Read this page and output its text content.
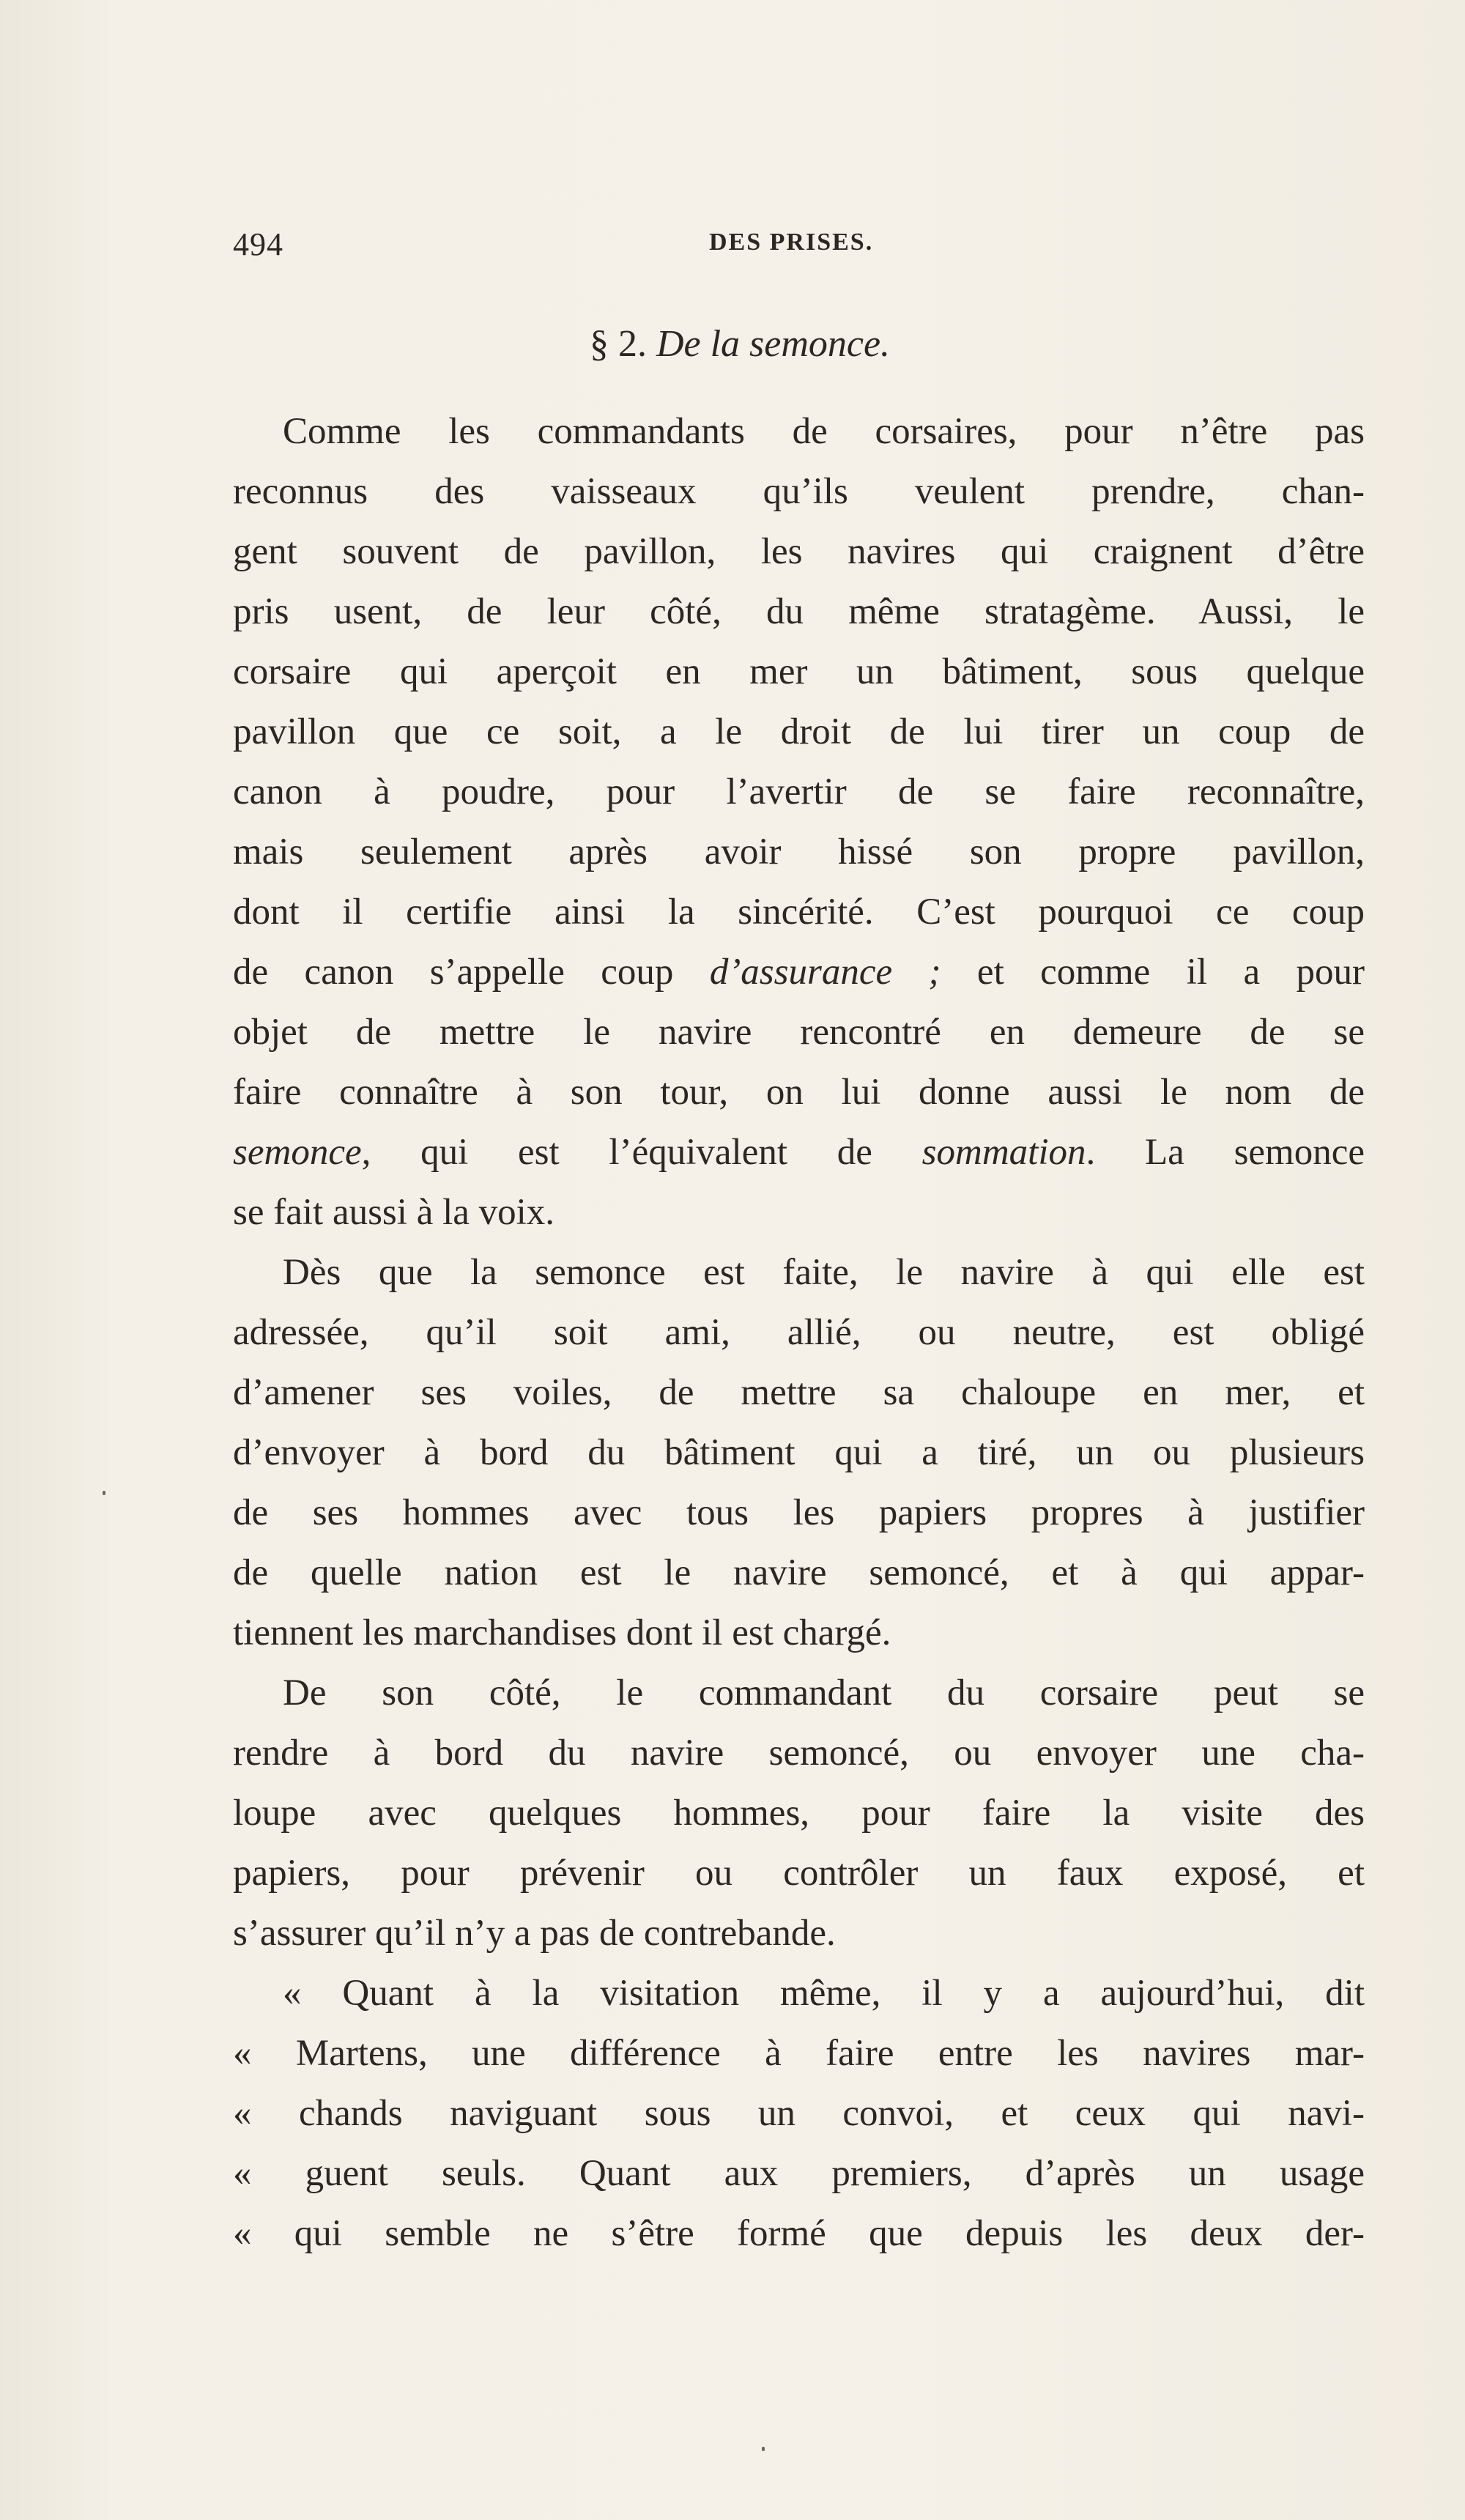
494	DES PRISES.
§ 2. De la semonce.
Comme les commandants de corsaires, pour n’être pas
reconnus des vaisseaux qu’ils veulent prendre, chan-
gent souvent de pavillon, les navires qui craignent d’être
pris usent, de leur côté, du même stratagème. Aussi, le
corsaire qui aperçoit en mer un bâtiment, sous quelque
pavillon que ce soit, a le droit de lui tirer un coup de
canon à poudre, pour l’avertir de se faire reconnaître,
mais seulement après avoir hissé son propre pavillon,
dont il certifie ainsi la sincérité. C’est pourquoi ce coup
de canon s’appelle coup d’assurance ; et comme il a pour
objet de mettre le navire rencontré en demeure de se
faire connaître à son tour, on lui donne aussi le nom de
semonce, qui est l’équivalent de sommation. La semonce
se fait aussi à la voix.
Dès que la semonce est faite, le navire à qui elle est
adressée, qu’il soit ami, allié, ou neutre, est obligé
d’amener ses voiles, de mettre sa chaloupe en mer, et
d’envoyer à bord du bâtiment qui a tiré, un ou plusieurs
de ses hommes avec tous les papiers propres à justifier
de quelle nation est le navire semoncé, et à qui appar-
tiennent les marchandises dont il est chargé.
De son côté, le commandant du corsaire peut se
rendre à bord du navire semoncé, ou envoyer une cha-
loupe avec quelques hommes, pour faire la visite des
papiers, pour prévenir ou contrôler un faux exposé, et
s’assurer qu’il n’y a pas de contrebande.
« Quant à la visitation même, il y a aujourd’hui, dit
« Martens, une différence à faire entre les navires mar-
« chands naviguant sous un convoi, et ceux qui navi-
« guent seuls. Quant aux premiers, d’après un usage
« qui semble ne s’être formé que depuis les deux der-
